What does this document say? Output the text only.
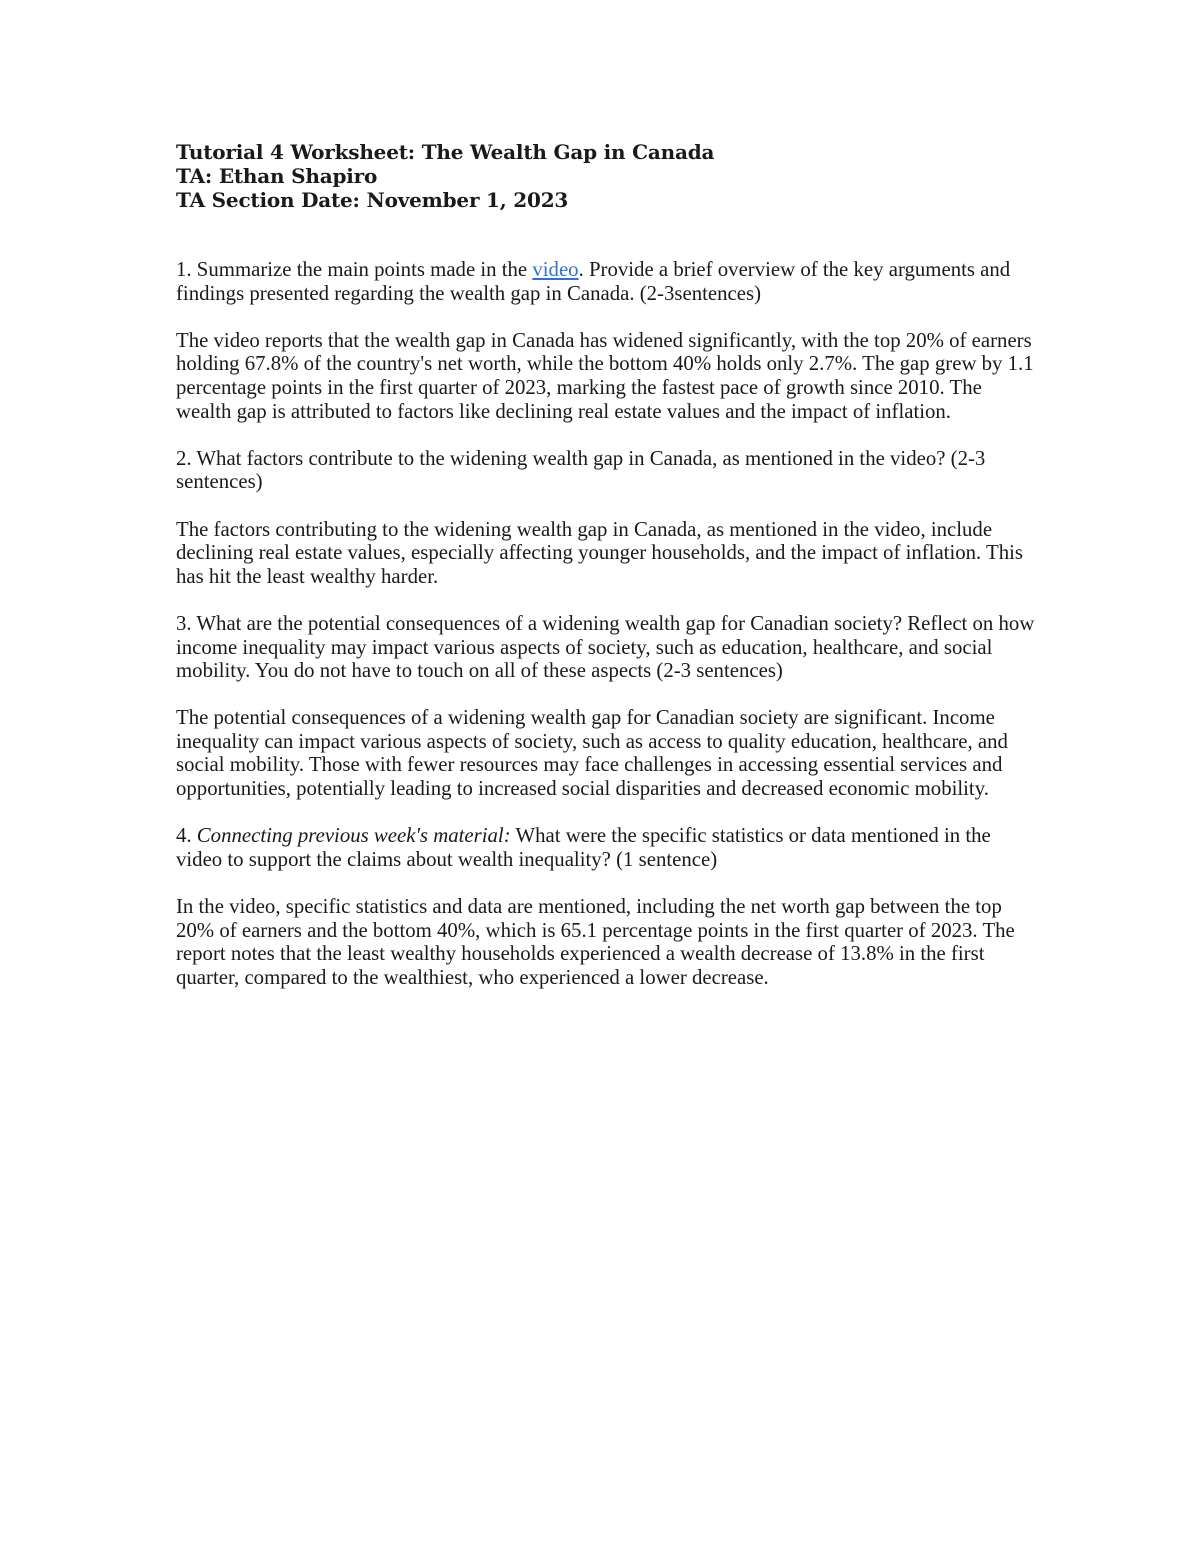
Tutorial 4 Worksheet: The Wealth Gap in Canada

TA: Ethan Shapiro

TA Section Date: November 1, 2023

1. Summarize the main points made in the video. Provide a brief overview of the key arguments and findings presented regarding the wealth gap in Canada. (2-3sentences)

The video reports that the wealth gap in Canada has widened significantly, with the top 20% of earners holding 67.8% of the country's net worth, while the bottom 40% holds only 2.7%. The gap grew by 1.1 percentage points in the first quarter of 2023, marking the fastest pace of growth since 2010. The wealth gap is attributed to factors like declining real estate values and the impact of inflation.

2. What factors contribute to the widening wealth gap in Canada, as mentioned in the video? (2-3 sentences)

The factors contributing to the widening wealth gap in Canada, as mentioned in the video, include declining real estate values, especially affecting younger households, and the impact of inflation. This has hit the least wealthy harder.

3. What are the potential consequences of a widening wealth gap for Canadian society? Reflect on how income inequality may impact various aspects of society, such as education, healthcare, and social mobility. You do not have to touch on all of these aspects (2-3 sentences)

The potential consequences of a widening wealth gap for Canadian society are significant. Income inequality can impact various aspects of society, such as access to quality education, healthcare, and social mobility. Those with fewer resources may face challenges in accessing essential services and opportunities, potentially leading to increased social disparities and decreased economic mobility.

4. Connecting previous week's material: What were the specific statistics or data mentioned in the video to support the claims about wealth inequality? (1 sentence)

In the video, specific statistics and data are mentioned, including the net worth gap between the top 20% of earners and the bottom 40%, which is 65.1 percentage points in the first quarter of 2023. The report notes that the least wealthy households experienced a wealth decrease of 13.8% in the first quarter, compared to the wealthiest, who experienced a lower decrease.
